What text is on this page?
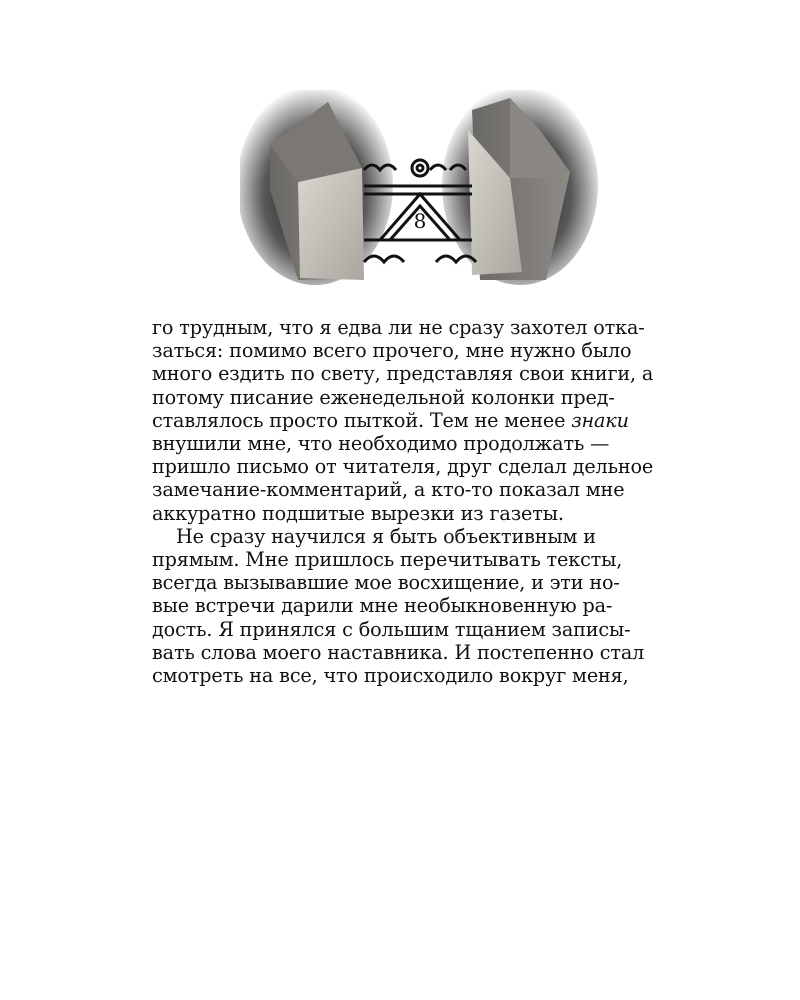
8
го трудным, что я едва ли не сразу захотел отка-
заться: помимо всего прочего, мне нужно было
много ездить по свету, представляя свои книги, а
потому писание еженедельной колонки пред-
ставлялось просто пыткой. Тем не менее знаки
внушили мне, что необходимо продолжать —
пришло письмо от читателя, друг сделал дельное
замечание-комментарий, а кто-то показал мне
аккуратно подшитые вырезки из газеты.
Не сразу научился я быть объективным и
прямым. Мне пришлось перечитывать тексты,
всегда вызывавшие мое восхищение, и эти но-
вые встречи дарили мне необыкновенную ра-
дость. Я принялся с большим тщанием записы-
вать слова моего наставника. И постепенно стал
смотреть на все, что происходило вокруг меня,
